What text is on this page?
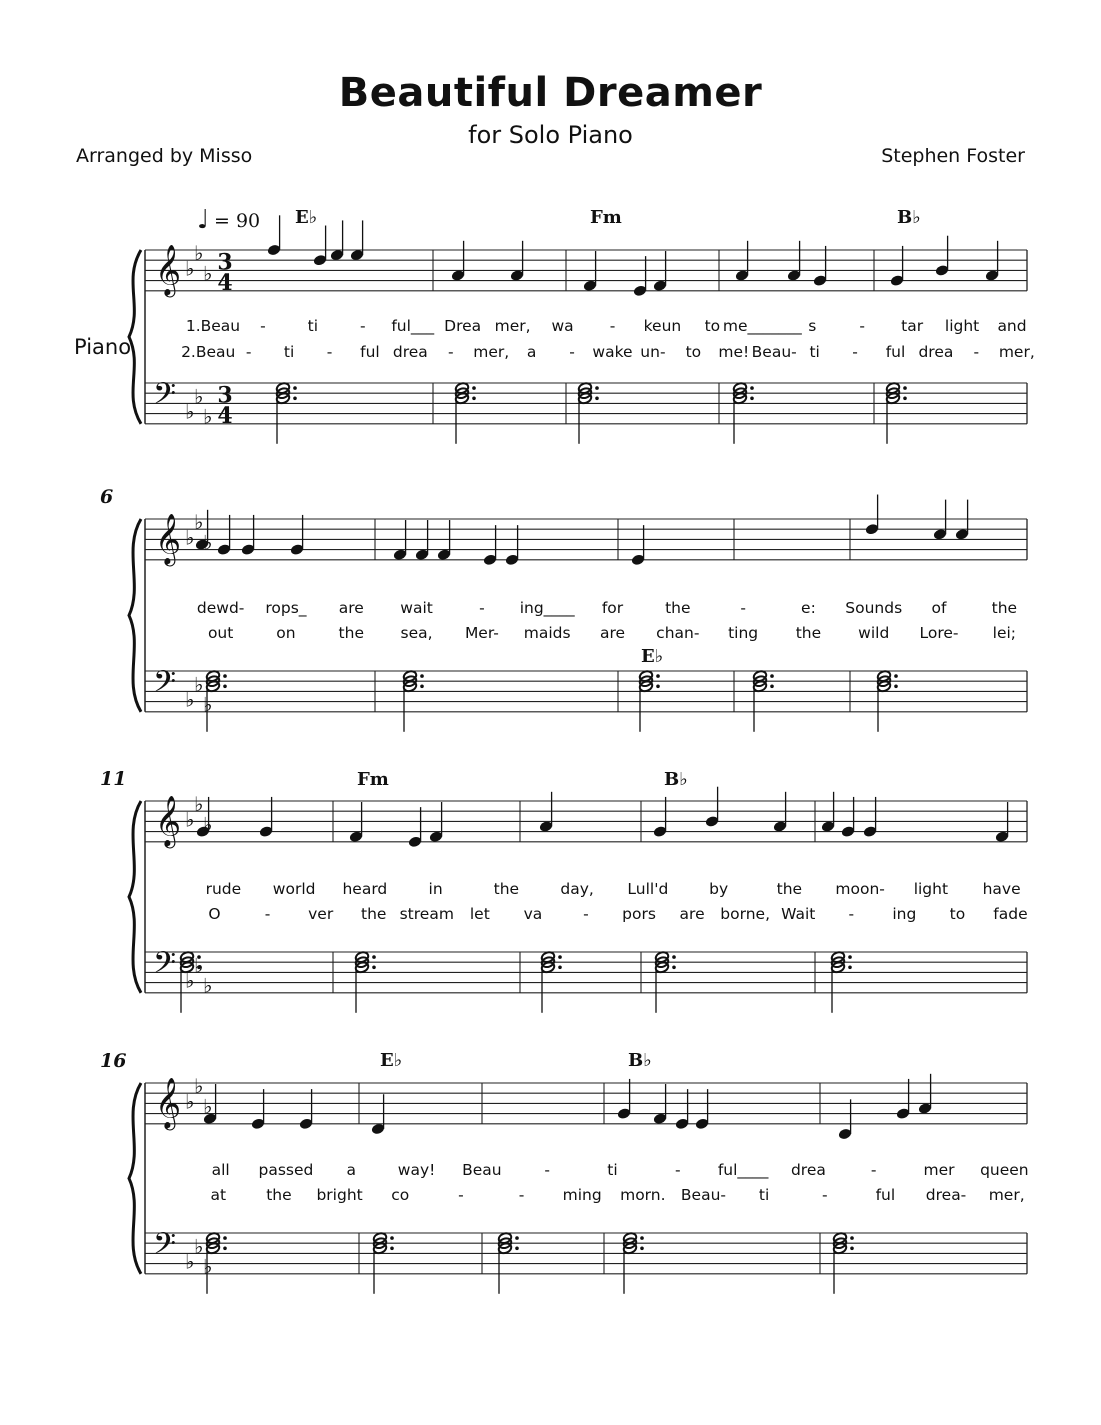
Beautiful Dreamer
for Solo Piano
Arranged by Misso	Stephen Foster
𝄞
𝄢
♭
♭
♭
♭
♭
♭
3
4
3
4
♩ = 90
Piano
E♭	Fm	B♭
1.Beau -	ti	- ful___ Drea mer, wa - keun to me_______ s	- tar light and
2.Beau - ti - ful drea - mer, a - wake un- to me! Beau- ti - ful drea - mer,
𝄞
𝄢
♭
♭
♭
♭
♭
♭
6
E♭
dewd- rops_ are wait	- ing____ for	the	-	e: Sounds of	the
out	on	the sea, Mer- maids are chan- ting the wild Lore- lei;
𝄞
𝄢
♭
♭
♭
♭
♭
♭
11	Fm	B♭
rude world heard	in	the	day, Lull'd	by	the moon- light have
O	- ver the stream let va	- pors are borne, Wait - ing to fade
𝄞
𝄢
♭
♭
♭
♭
♭
♭
16	E♭	B♭
all passed a	way! Beau	-	ti	- ful____ drea	-	mer queen
at	the bright co	-	- ming morn. Beau- ti	-	ful drea- mer,
